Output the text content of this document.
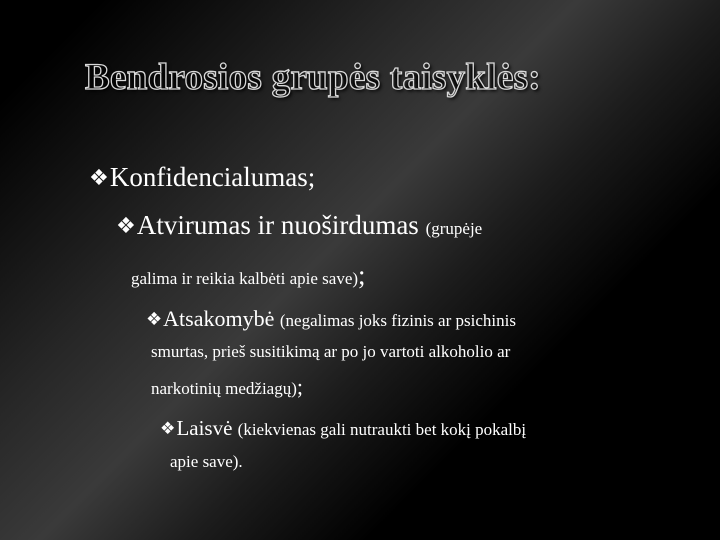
Bendrosios grupės taisyklės:

❖Konfidencialumas;

❖Atvirumas ir nuoširdumas (grupėje

galima ir reikia kalbėti apie save);

❖Atsakomybė (negalimas joks fizinis ar psichinis

smurtas, prieš susitikimą ar po jo vartoti alkoholio ar

narkotinių medžiagų);

❖Laisvė (kiekvienas gali nutraukti bet kokį pokalbį

apie save).
